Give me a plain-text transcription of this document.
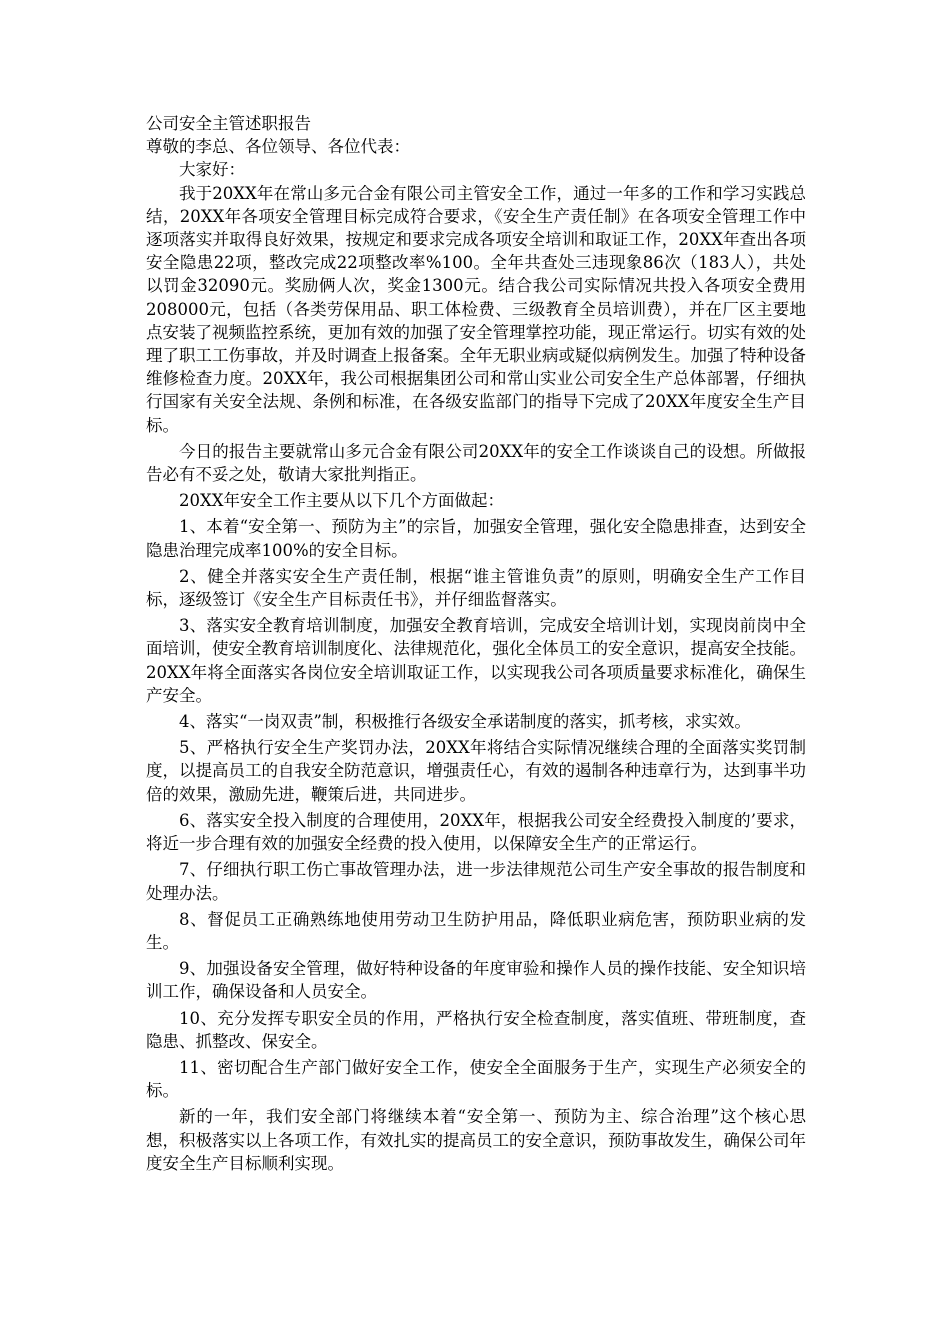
公司安全主管述职报告

尊敬的李总、各位领导、各位代表：

大家好：

我于20XX年在常山多元合金有限公司主管安全工作，通过一年多的工作和学习实践总结，20XX年各项安全管理目标完成符合要求，《安全生产责任制》在各项安全管理工作中逐项落实并取得良好效果，按规定和要求完成各项安全培训和取证工作，20XX年查出各项安全隐患22项，整改完成22项整改率%100。全年共查处三违现象86次（183人），共处以罚金32090元。奖励俩人次，奖金1300元。结合我公司实际情况共投入各项安全费用208000元，包括（各类劳保用品、职工体检费、三级教育全员培训费），并在厂区主要地点安装了视频监控系统，更加有效的加强了安全管理掌控功能，现正常运行。切实有效的处理了职工工伤事故，并及时调查上报备案。全年无职业病或疑似病例发生。加强了特种设备维修检查力度。20XX年，我公司根据集团公司和常山实业公司安全生产总体部署，仔细执行国家有关安全法规、条例和标准，在各级安监部门的指导下完成了20XX年度安全生产目标。

今日的报告主要就常山多元合金有限公司20XX年的安全工作谈谈自己的设想。所做报告必有不妥之处，敬请大家批判指正。

20XX年安全工作主要从以下几个方面做起：

1、本着“安全第一、预防为主”的宗旨，加强安全管理，强化安全隐患排查，达到安全隐患治理完成率100%的安全目标。

2、健全并落实安全生产责任制，根据“谁主管谁负责”的原则，明确安全生产工作目标，逐级签订《安全生产目标责任书》，并仔细监督落实。

3、落实安全教育培训制度，加强安全教育培训，完成安全培训计划，实现岗前岗中全面培训，使安全教育培训制度化、法律规范化，强化全体员工的安全意识，提高安全技能。20XX年将全面落实各岗位安全培训取证工作，以实现我公司各项质量要求标准化，确保生产安全。

4、落实“一岗双责”制，积极推行各级安全承诺制度的落实，抓考核，求实效。

5、严格执行安全生产奖罚办法，20XX年将结合实际情况继续合理的全面落实奖罚制度，以提高员工的自我安全防范意识，增强责任心，有效的遏制各种违章行为，达到事半功倍的效果，激励先进，鞭策后进，共同进步。

6、落实安全投入制度的合理使用，20XX年，根据我公司安全经费投入制度的’要求，将近一步合理有效的加强安全经费的投入使用，以保障安全生产的正常运行。

7、仔细执行职工伤亡事故管理办法，进一步法律规范公司生产安全事故的报告制度和处理办法。

8、督促员工正确熟练地使用劳动卫生防护用品，降低职业病危害，预防职业病的发生。

9、加强设备安全管理，做好特种设备的年度审验和操作人员的操作技能、安全知识培训工作，确保设备和人员安全。

10、充分发挥专职安全员的作用，严格执行安全检查制度，落实值班、带班制度，查隐患、抓整改、保安全。

11、密切配合生产部门做好安全工作，使安全全面服务于生产，实现生产必须安全的标。

新的一年，我们安全部门将继续本着“安全第一、预防为主、综合治理”这个核心思想，积极落实以上各项工作，有效扎实的提高员工的安全意识，预防事故发生，确保公司年度安全生产目标顺利实现。
